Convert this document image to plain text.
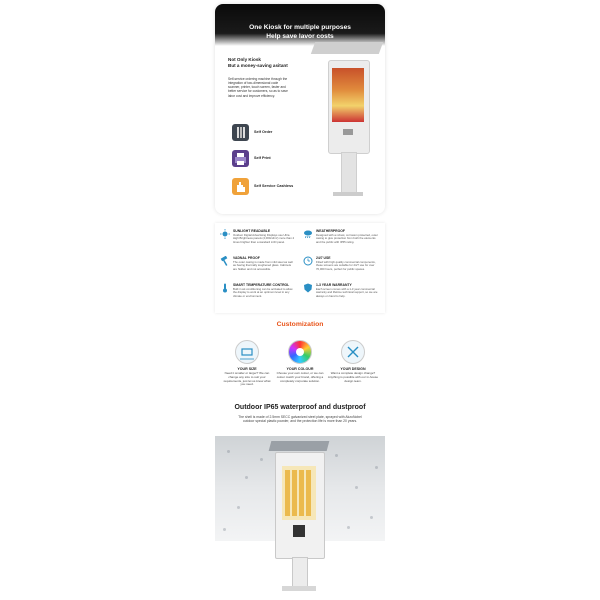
One Kiosk for multiple purposes
Help save lavor costs
Not Only Kiosk
But a money-saving asitant
Self-service ordering machine through the integration of two-dimensional code scanner, printer, touch screen, faster and better service for customers, so as to save labor cost and improve efficiency.
Self Order
Self Print
Self Service Cashless
SUNLIGHT READABLE
Outdoor Digital Advertising Displays use Ultra High Brightness panels (2,000cd/m²) more than 4 times brighter than a standard LCD panel.
WEATHERPROOF
Designed with a robust, corrosion protected, outer casing to give protection from both the elements and the public with IP65 rating.
VADNAL PROOF
The outer casing is made from mild steel as well as having thermally toughened glass. Cabinets are hidden and not accessible.
24/7 USE
Fitted with high quality commercial components, these screens are suitable for 24/7 use for over 70,000 hours, perfect for public spaces.
SMART TEMPERATURE CONTROL
Built in air-conditioning can be activated to allow the display to work at an optimum level in any climate or environment.
1-3 YEAR WARRANTY
Each screen comes with a 1-3 year commercial warranty and lifetime technical support, so we are always on hand to help.
Customization
YOUR SIZE
Need it smaller or larger? We can change any size to suit your requirements, just let us know what you need.
YOUR COLOUR
Choose your own colour, or we can colour match your brand, offering a completely corporate solution.
YOUR DESIGN
Want a complete design change? Anything is possible with our in-house design team.
Outdoor IP65 waterproof and dustproof
The shell is made of 2.5mm SECC galvanized steel plate, sprayed with AkzoNobel outdoor special plastic powder, and the protection life is more than 20 years.
